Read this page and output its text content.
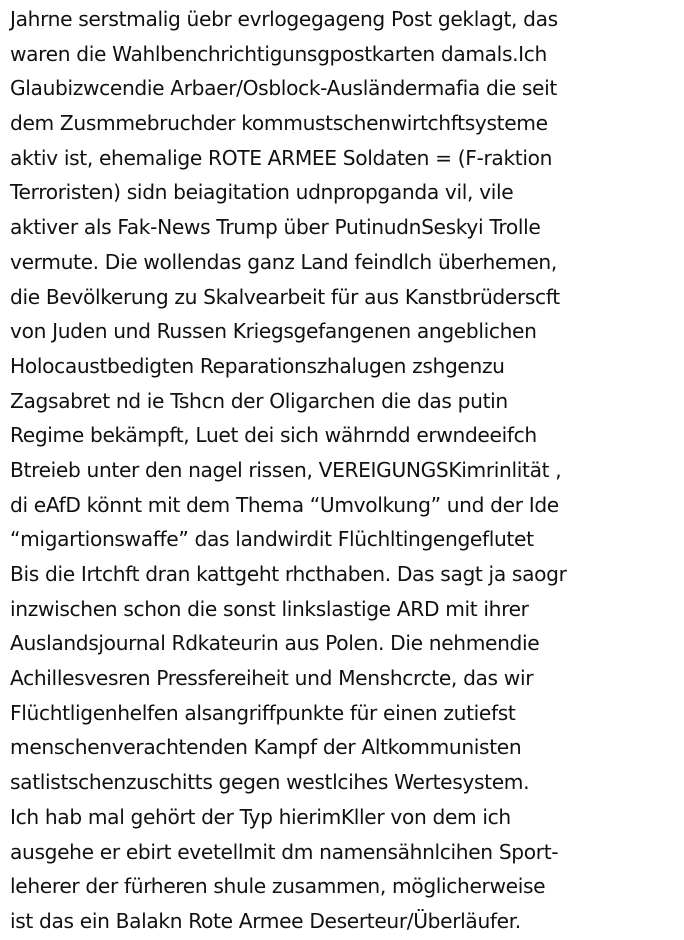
Jahrne serstmalig üebr evrlogegageng Post geklagt, das
waren die Wahlbenchrichtigunsgpostkarten damals.Ich
Glaubizwcendie Arbaer/Osblock-Ausländermafia die seit
dem Zusmmebruchder kommustschenwirtchftsysteme
aktiv ist, ehemalige ROTE ARMEE Soldaten = (F-raktion
Terroristen) sidn beiagitation udnpropganda vil, vile
aktiver als Fak-News Trump über PutinudnSeskyi Trolle
vermute. Die wollendas ganz Land feindlch überhemen,
die Bevölkerung zu Skalvearbeit für aus Kanstbrüderscft
von Juden und Russen Kriegsgefangenen angeblichen
Holocaustbedigten Reparationszhalugen zshgenzu
Zagsabret nd ie Tshcn der Oligarchen die das putin
Regime bekämpft, Luet dei sich währndd erwndeeifch
Btreieb unter den nagel rissen, VEREIGUNGSKimrinlität ,
di eAfD könnt mit dem Thema “Umvolkung” und der Ide
“migartionswaffe” das landwirdit Flüchltingengeflutet
Bis die Irtchft dran kattgeht rhcthaben. Das sagt ja saogr
inzwischen schon die sonst linkslastige ARD mit ihrer
Auslandsjournal Rdkateurin aus Polen. Die nehmendie
Achillesvesren Pressfereiheit und Menshcrcte, das wir
Flüchtligenhelfen alsangriffpunkte für einen zutiefst
menschenverachtenden Kampf der Altkommunisten
satlistschenzuschitts gegen westlcihes Wertesystem.
Ich hab mal gehört der Typ hierimKller von dem ich
ausgehe er ebirt evetellmit dm namensähnlcihen Sport-
leherer der fürheren shule zusammen, möglicherweise
ist das ein Balakn Rote Armee Deserteur/Überläufer.
